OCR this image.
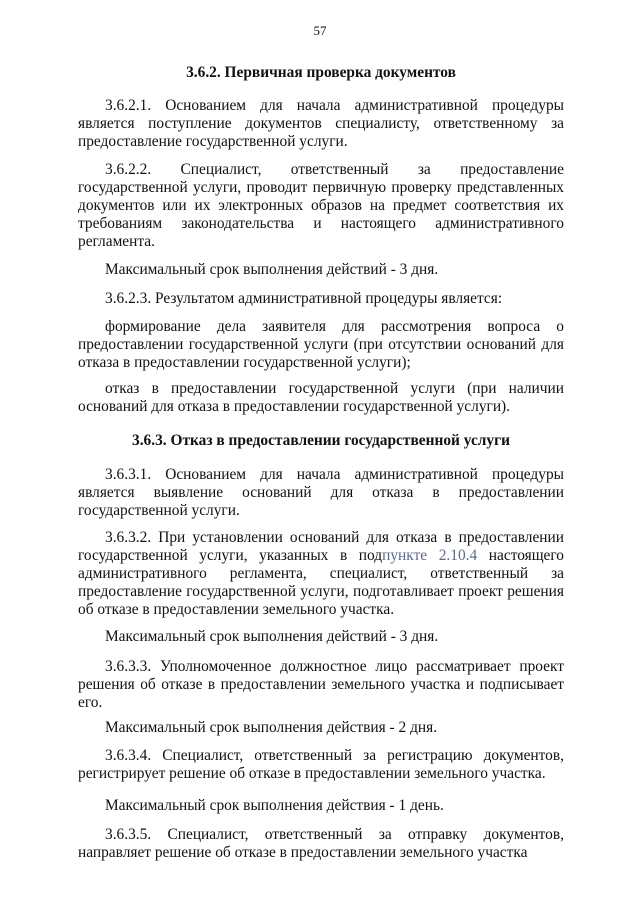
57
3.6.2. Первичная проверка документов
3.6.2.1. Основанием для начала административной процедуры является поступление документов специалисту, ответственному за предоставление государственной услуги.
3.6.2.2. Специалист, ответственный за предоставление государственной услуги, проводит первичную проверку представленных документов или их электронных образов на предмет соответствия их требованиям законодательства и настоящего административного регламента.
Максимальный срок выполнения действий - 3 дня.
3.6.2.3. Результатом административной процедуры является:
формирование дела заявителя для рассмотрения вопроса о предоставлении государственной услуги (при отсутствии оснований для отказа в предоставлении государственной услуги);
отказ в предоставлении государственной услуги (при наличии оснований для отказа в предоставлении государственной услуги).
3.6.3. Отказ в предоставлении государственной услуги
3.6.3.1. Основанием для начала административной процедуры является выявление оснований для отказа в предоставлении государственной услуги.
3.6.3.2. При установлении оснований для отказа в предоставлении государственной услуги, указанных в подпункте 2.10.4 настоящего административного регламента, специалист, ответственный за предоставление государственной услуги, подготавливает проект решения об отказе в предоставлении земельного участка.
Максимальный срок выполнения действий - 3 дня.
3.6.3.3. Уполномоченное должностное лицо рассматривает проект решения об отказе в предоставлении земельного участка и подписывает его.
Максимальный срок выполнения действия - 2 дня.
3.6.3.4. Специалист, ответственный за регистрацию документов, регистрирует решение об отказе в предоставлении земельного участка.
Максимальный срок выполнения действия - 1 день.
3.6.3.5. Специалист, ответственный за отправку документов, направляет решение об отказе в предоставлении земельного участка
